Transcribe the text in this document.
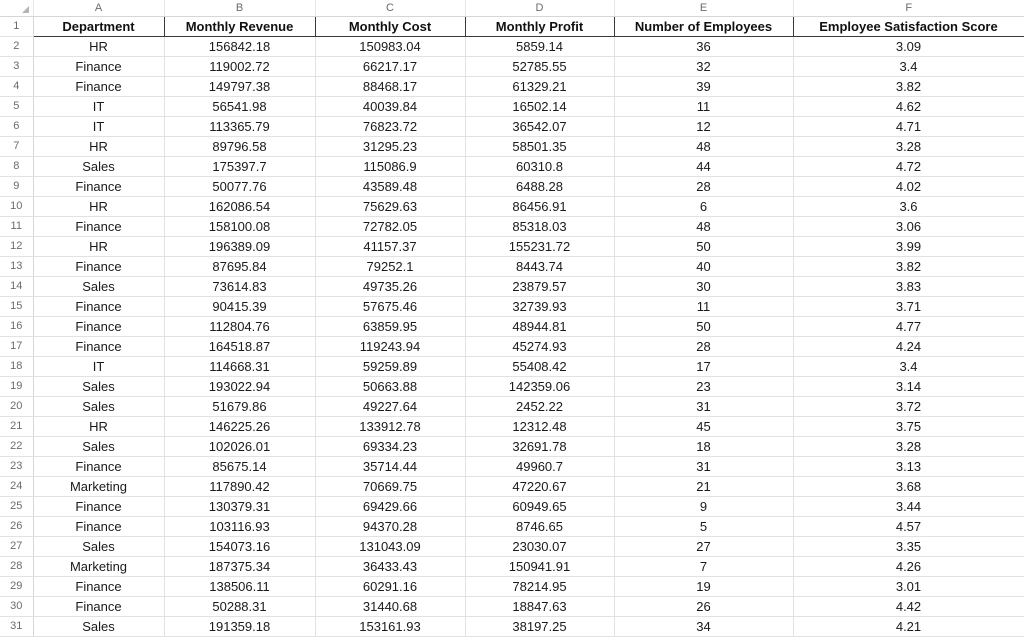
	A	B	C	D	E	F
1	Department	Monthly Revenue	Monthly Cost	Monthly Profit	Number of Employees	Employee Satisfaction Score
2	HR	156842.18	150983.04	5859.14	36	3.09
3	Finance	119002.72	66217.17	52785.55	32	3.4
4	Finance	149797.38	88468.17	61329.21	39	3.82
5	IT	56541.98	40039.84	16502.14	11	4.62
6	IT	113365.79	76823.72	36542.07	12	4.71
7	HR	89796.58	31295.23	58501.35	48	3.28
8	Sales	175397.7	115086.9	60310.8	44	4.72
9	Finance	50077.76	43589.48	6488.28	28	4.02
10	HR	162086.54	75629.63	86456.91	6	3.6
11	Finance	158100.08	72782.05	85318.03	48	3.06
12	HR	196389.09	41157.37	155231.72	50	3.99
13	Finance	87695.84	79252.1	8443.74	40	3.82
14	Sales	73614.83	49735.26	23879.57	30	3.83
15	Finance	90415.39	57675.46	32739.93	11	3.71
16	Finance	112804.76	63859.95	48944.81	50	4.77
17	Finance	164518.87	119243.94	45274.93	28	4.24
18	IT	114668.31	59259.89	55408.42	17	3.4
19	Sales	193022.94	50663.88	142359.06	23	3.14
20	Sales	51679.86	49227.64	2452.22	31	3.72
21	HR	146225.26	133912.78	12312.48	45	3.75
22	Sales	102026.01	69334.23	32691.78	18	3.28
23	Finance	85675.14	35714.44	49960.7	31	3.13
24	Marketing	117890.42	70669.75	47220.67	21	3.68
25	Finance	130379.31	69429.66	60949.65	9	3.44
26	Finance	103116.93	94370.28	8746.65	5	4.57
27	Sales	154073.16	131043.09	23030.07	27	3.35
28	Marketing	187375.34	36433.43	150941.91	7	4.26
29	Finance	138506.11	60291.16	78214.95	19	3.01
30	Finance	50288.31	31440.68	18847.63	26	4.42
31	Sales	191359.18	153161.93	38197.25	34	4.21
